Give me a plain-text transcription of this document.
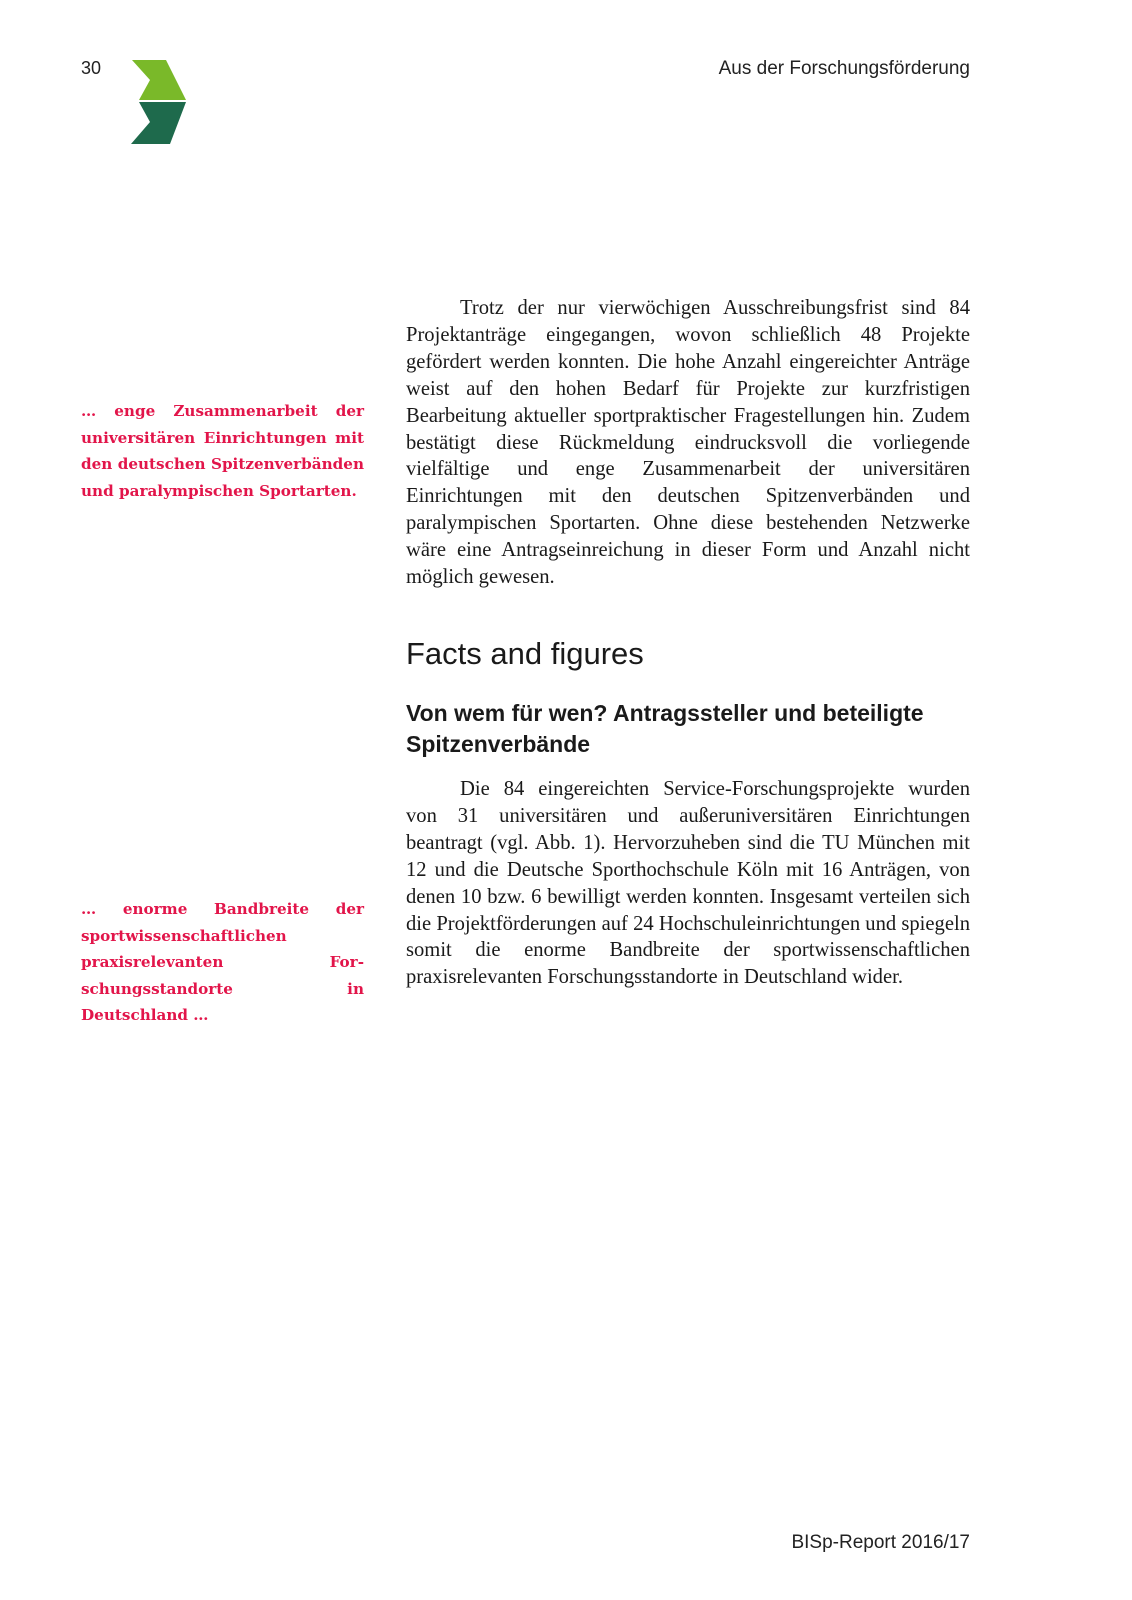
30	Aus der Forschungsförderung
… enge Zusammenarbeit der universitären Einrichtungen mit den deutschen Spitzenverbänden und paralympischen Sportarten.
… enorme Bandbreite der sportwissenschaftlichen praxisrelevanten Forschungsstandorte in Deutschland …

Trotz der nur vierwöchigen Ausschreibungsfrist sind 84 Projektanträge eingegangen, wovon schließlich 48 Projekte gefördert werden konnten. Die hohe Anzahl eingereichter Anträge weist auf den hohen Bedarf für Projekte zur kurzfristigen Bearbeitung aktueller sportpraktischer Fragestellungen hin. Zudem bestätigt diese Rückmeldung eindrucksvoll die vorliegende vielfältige und enge Zusammenarbeit der universitären Einrichtungen mit den deutschen Spitzenverbänden und paralympischen Sportarten. Ohne diese bestehenden Netzwerke wäre eine Antragseinreichung in dieser Form und Anzahl nicht möglich gewesen.

Facts and figures
Von wem für wen? Antragssteller und beteiligte Spitzenverbände

Die 84 eingereichten Service-Forschungsprojekte wurden von 31 universitären und außeruniversitären Einrichtungen beantragt (vgl. Abb. 1). Hervorzuheben sind die TU München mit 12 und die Deutsche Sporthochschule Köln mit 16 Anträgen, von denen 10 bzw. 6 bewilligt werden konnten. Insgesamt verteilen sich die Projektförderungen auf 24 Hochschuleinrichtungen und spiegeln somit die enorme Bandbreite der sportwissenschaftlichen praxisrelevanten Forschungsstandorte in Deutschland wider.

BISp-Report 2016/17
